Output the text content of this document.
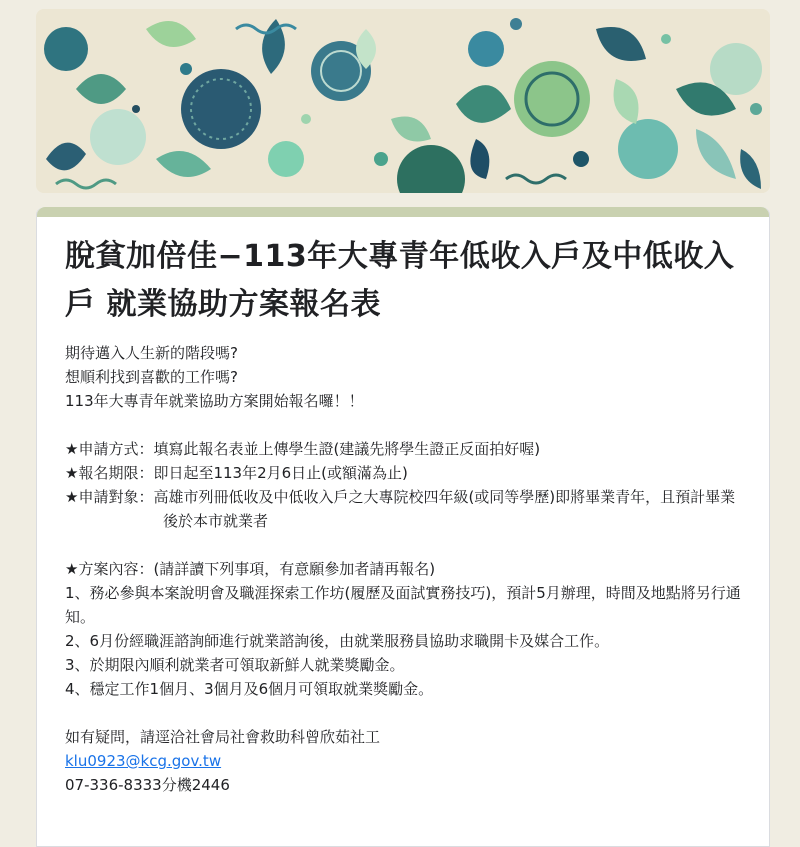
脫貧加倍佳−113年大專青年低收入戶及中低收入戶 就業協助方案報名表
期待邁入人生新的階段嗎?
想順利找到喜歡的工作嗎?
113年大專青年就業協助方案開始報名囉！！
★申請方式：填寫此報名表並上傳學生證(建議先將學生證正反面拍好喔)
★報名期限：即日起至113年2月6日止(或額滿為止)
★申請對象：高雄市列冊低收及中低收入戶之大專院校四年級(或同等學歷)即將畢業青年，且預計畢業後於本市就業者
★方案內容：(請詳讀下列事項，有意願參加者請再報名)
1、務必參與本案說明會及職涯探索工作坊(履歷及面試實務技巧)，預計5月辦理，時間及地點將另行通知。
2、6月份經職涯諮詢師進行就業諮詢後，由就業服務員協助求職開卡及媒合工作。
3、於期限內順利就業者可領取新鮮人就業獎勵金。
4、穩定工作1個月、3個月及6個月可領取就業獎勵金。
如有疑問，請逕洽社會局社會救助科曾欣茹社工
klu0923@kcg.gov.tw
07-336-8333分機2446
